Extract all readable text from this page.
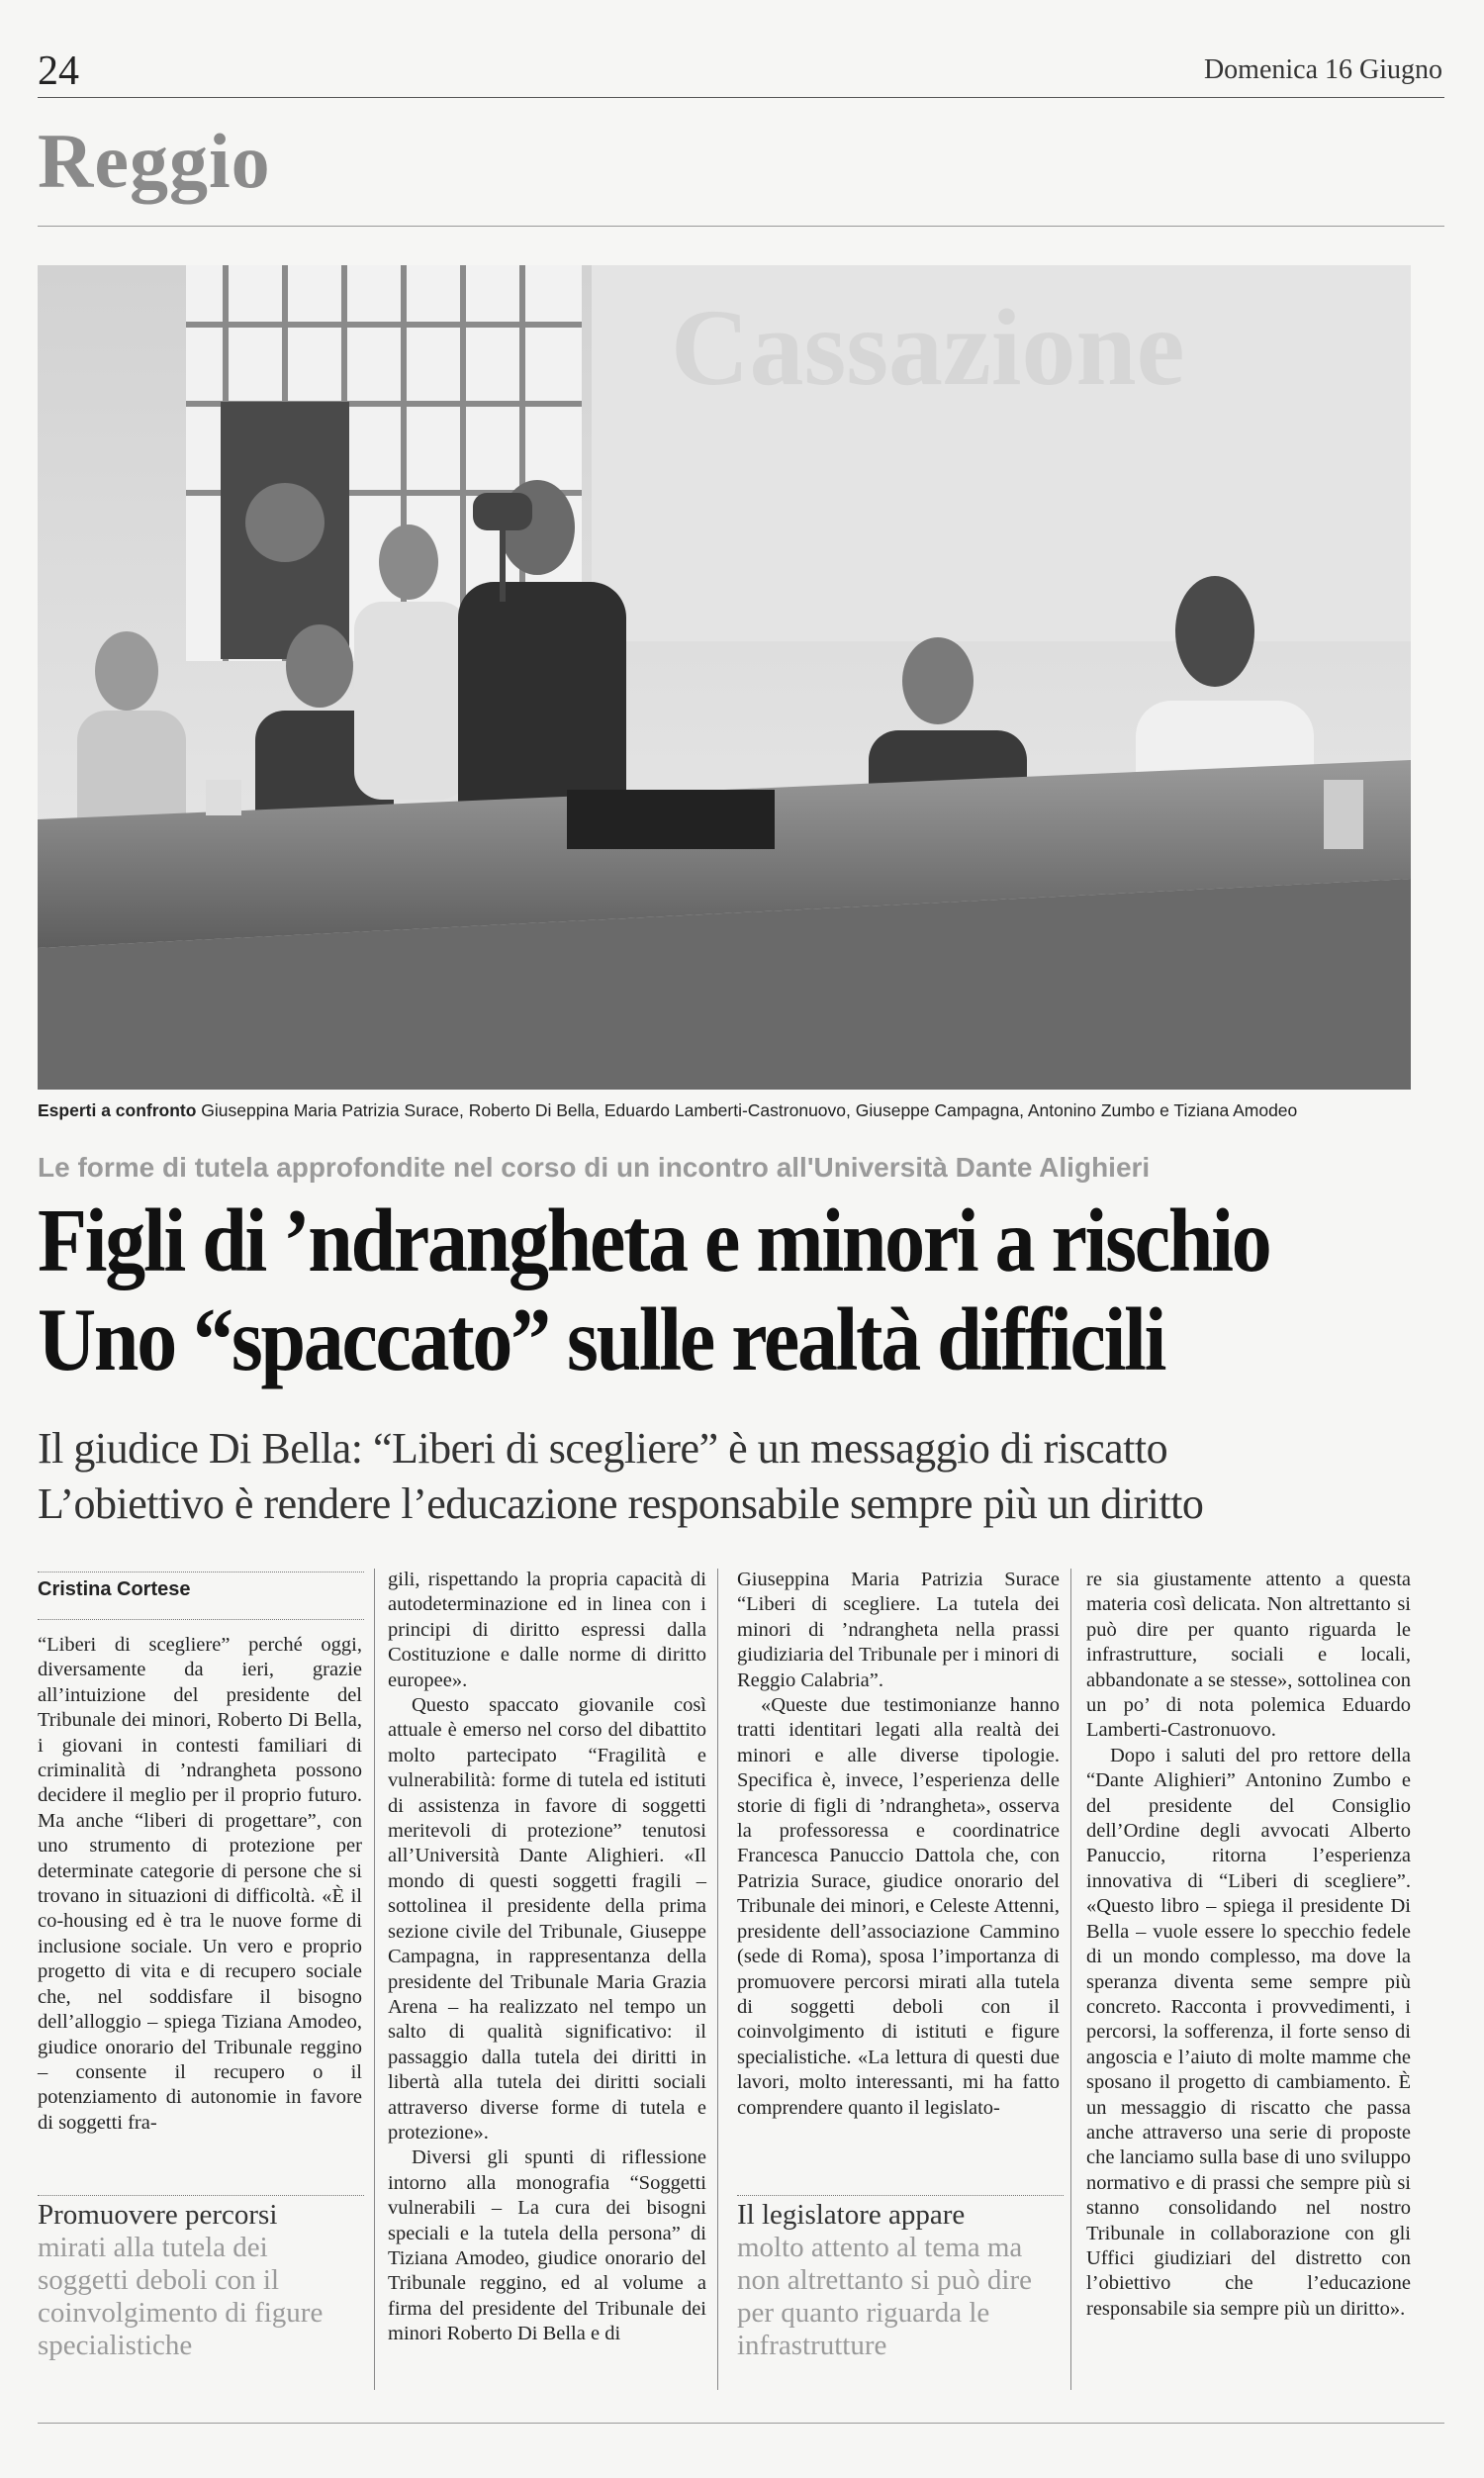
24	Domenica 16 Giugno
Reggio
Cassazione
Esperti a confronto Giuseppina Maria Patrizia Surace, Roberto Di Bella, Eduardo Lamberti-Castronuovo, Giuseppe Campagna, Antonino Zumbo e Tiziana Amodeo
Le forme di tutela approfondite nel corso di un incontro all'Università Dante Alighieri
Figli di ’ndrangheta e minori a rischio
Uno “spaccato” sulle realtà difficili
Il giudice Di Bella: “Liberi di scegliere” è un messaggio di riscatto
L’obiettivo è rendere l’educazione responsabile sempre più un diritto
Cristina Cortese

“Liberi di scegliere” perché oggi, diversamente da ieri, grazie all’intuizione del presidente del Tribunale dei minori, Roberto Di Bella, i giovani in contesti familiari di criminalità di ’ndrangheta possono decidere il meglio per il proprio futuro. Ma anche “liberi di progettare”, con uno strumento di protezione per determinate categorie di persone che si trovano in situazioni di difficoltà. «È il co-housing ed è tra le nuove forme di inclusione sociale. Un vero e proprio progetto di vita e di recupero sociale che, nel soddisfare il bisogno dell’alloggio – spiega Tiziana Amodeo, giudice onorario del Tribunale reggino – consente il recupero o il potenziamento di autonomie in favore di soggetti fra-

Promuovere percorsi
mirati alla tutela dei soggetti deboli con il coinvolgimento di figure specialistiche

gili, rispettando la propria capacità di autodeterminazione ed in linea con i principi di diritto espressi dalla Costituzione e dalle norme di diritto europee».

Questo spaccato giovanile così attuale è emerso nel corso del dibattito molto partecipato “Fragilità e vulnerabilità: forme di tutela ed istituti di assistenza in favore di soggetti meritevoli di protezione” tenutosi all’Università Dante Alighieri. «Il mondo di questi soggetti fragili – sottolinea il presidente della prima sezione civile del Tribunale, Giuseppe Campagna, in rappresentanza della presidente del Tribunale Maria Grazia Arena – ha realizzato nel tempo un salto di qualità significativo: il passaggio dalla tutela dei diritti in libertà alla tutela dei diritti sociali attraverso diverse forme di tutela e protezione».

Diversi gli spunti di riflessione intorno alla monografia “Soggetti vulnerabili – La cura dei bisogni speciali e la tutela della persona” di Tiziana Amodeo, giudice onorario del Tribunale reggino, ed al volume a firma del presidente del Tribunale dei minori Roberto Di Bella e di

Giuseppina Maria Patrizia Surace “Liberi di scegliere. La tutela dei minori di ’ndrangheta nella prassi giudiziaria del Tribunale per i minori di Reggio Calabria”.

«Queste due testimonianze hanno tratti identitari legati alla realtà dei minori e alle diverse tipologie. Specifica è, invece, l’esperienza delle storie di figli di ’ndrangheta», osserva la professoressa e coordinatrice Francesca Panuccio Dattola che, con Patrizia Surace, giudice onorario del Tribunale dei minori, e Celeste Attenni, presidente dell’associazione Cammino (sede di Roma), sposa l’importanza di promuovere percorsi mirati alla tutela di soggetti deboli con il coinvolgimento di istituti e figure specialistiche. «La lettura di questi due lavori, molto interessanti, mi ha fatto comprendere quanto il legislato-

Il legislatore appare
molto attento al tema ma non altrettanto si può dire per quanto riguarda le infrastrutture

re sia giustamente attento a questa materia così delicata. Non altrettanto si può dire per quanto riguarda le infrastrutture, sociali e locali, abbandonate a se stesse», sottolinea con un po’ di nota polemica Eduardo Lamberti-Castronuovo.

Dopo i saluti del pro rettore della “Dante Alighieri” Antonino Zumbo e del presidente del Consiglio dell’Ordine degli avvocati Alberto Panuccio, ritorna l’esperienza innovativa di “Liberi di scegliere”. «Questo libro – spiega il presidente Di Bella – vuole essere lo specchio fedele di un mondo complesso, ma dove la speranza diventa seme sempre più concreto. Racconta i provvedimenti, i percorsi, la sofferenza, il forte senso di angoscia e l’aiuto di molte mamme che sposano il progetto di cambiamento. È un messaggio di riscatto che passa anche attraverso una serie di proposte che lanciamo sulla base di uno sviluppo normativo e di prassi che sempre più si stanno consolidando nel nostro Tribunale in collaborazione con gli Uffici giudiziari del distretto con l’obiettivo che l’educazione responsabile sia sempre più un diritto».
